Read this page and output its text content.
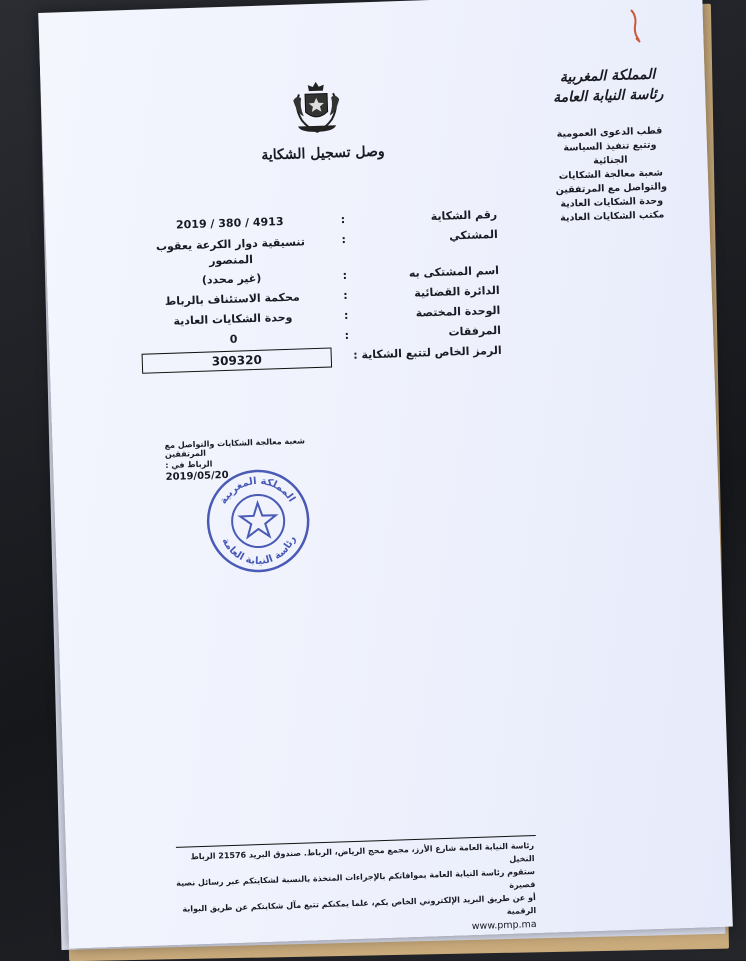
وصل تسجيل الشكاية
المملكة المغربية
رئاسة النيابة العامة
قطب الدعوى العمومية
وتتبع تنفيذ السياسة
الجنائية
شعبة معالجة الشكايات
والتواصل مع المرتفقين
وحدة الشكايات العادية
مكتب الشكايات العادية
رقم الشكاية
:
2019 / 380 / 4913
المشتكي
:
تنسيقية دوار الكرعة يعقوب المنصور
اسم المشتكى به
:
(غير محدد)
الدائرة القضائية
:
محكمة الاستئناف بالرباط
الوحدة المختصة
:
وحدة الشكايات العادية
المرفقات
:
0
الرمز الخاص لتتبع الشكاية :
309320
شعبة معالجة الشكايات والتواصل مع المرتفقين
الرباط في :
2019/05/20
المملكة المغربية
رئاسة النيابة العامة
رئاسة النيابة العامة شارع الأرز، مجمع محج الرياض، الرباط. صندوق البريد 21576 الرباط النخيل
ستقوم رئاسة النيابة العامة بموافاتكم بالإجراءات المتخذة بالنسبة لشكايتكم عبر رسائل نصية قصيرة
أو عن طريق البريد الإلكتروني الخاص بكم، علما يمكنكم تتبع مآل شكايتكم عن طريق البوابة الرقمية
www.pmp.ma
